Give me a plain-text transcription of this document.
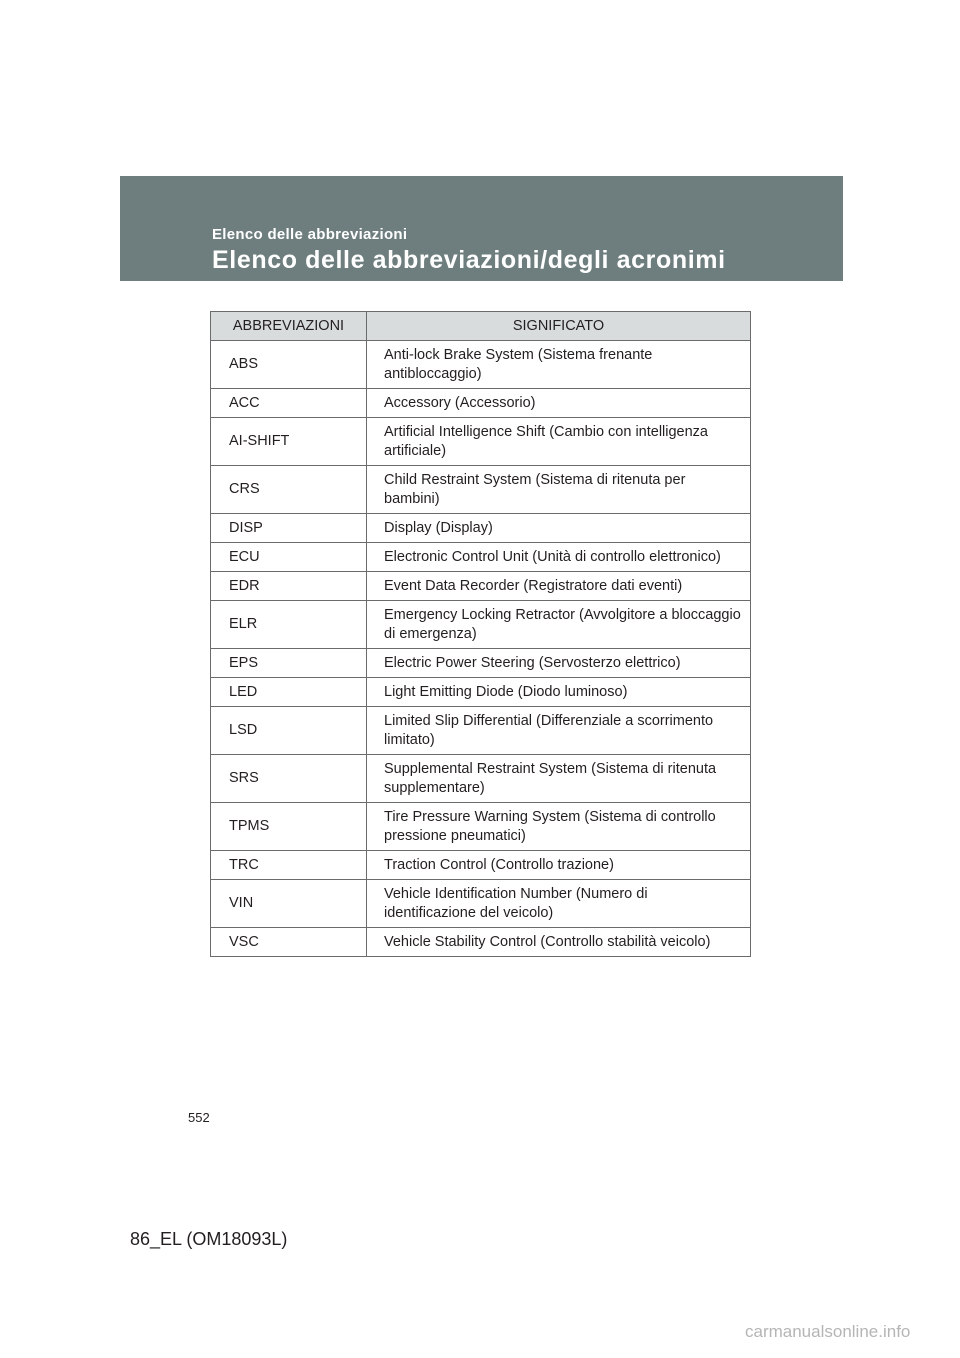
Elenco delle abbreviazioni
Elenco delle abbreviazioni/degli acronimi
ABBREVIAZIONI	SIGNIFICATO
ABS	Anti-lock Brake System (Sistema frenante antibloccaggio)
ACC	Accessory (Accessorio)
AI-SHIFT	Artificial Intelligence Shift (Cambio con intelligenza artificiale)
CRS	Child Restraint System (Sistema di ritenuta per bambini)
DISP	Display (Display)
ECU	Electronic Control Unit (Unità di controllo elettronico)
EDR	Event Data Recorder (Registratore dati eventi)
ELR	Emergency Locking Retractor (Avvolgitore a bloccaggio di emergenza)
EPS	Electric Power Steering (Servosterzo elettrico)
LED	Light Emitting Diode (Diodo luminoso)
LSD	Limited Slip Differential (Differenziale a scorrimento limitato)
SRS	Supplemental Restraint System (Sistema di ritenuta supplementare)
TPMS	Tire Pressure Warning System (Sistema di controllo pressione pneumatici)
TRC	Traction Control (Controllo trazione)
VIN	Vehicle Identification Number (Numero di identificazione del veicolo)
VSC	Vehicle Stability Control (Controllo stabilità veicolo)
552
86_EL (OM18093L)
carmanualsonline.info
